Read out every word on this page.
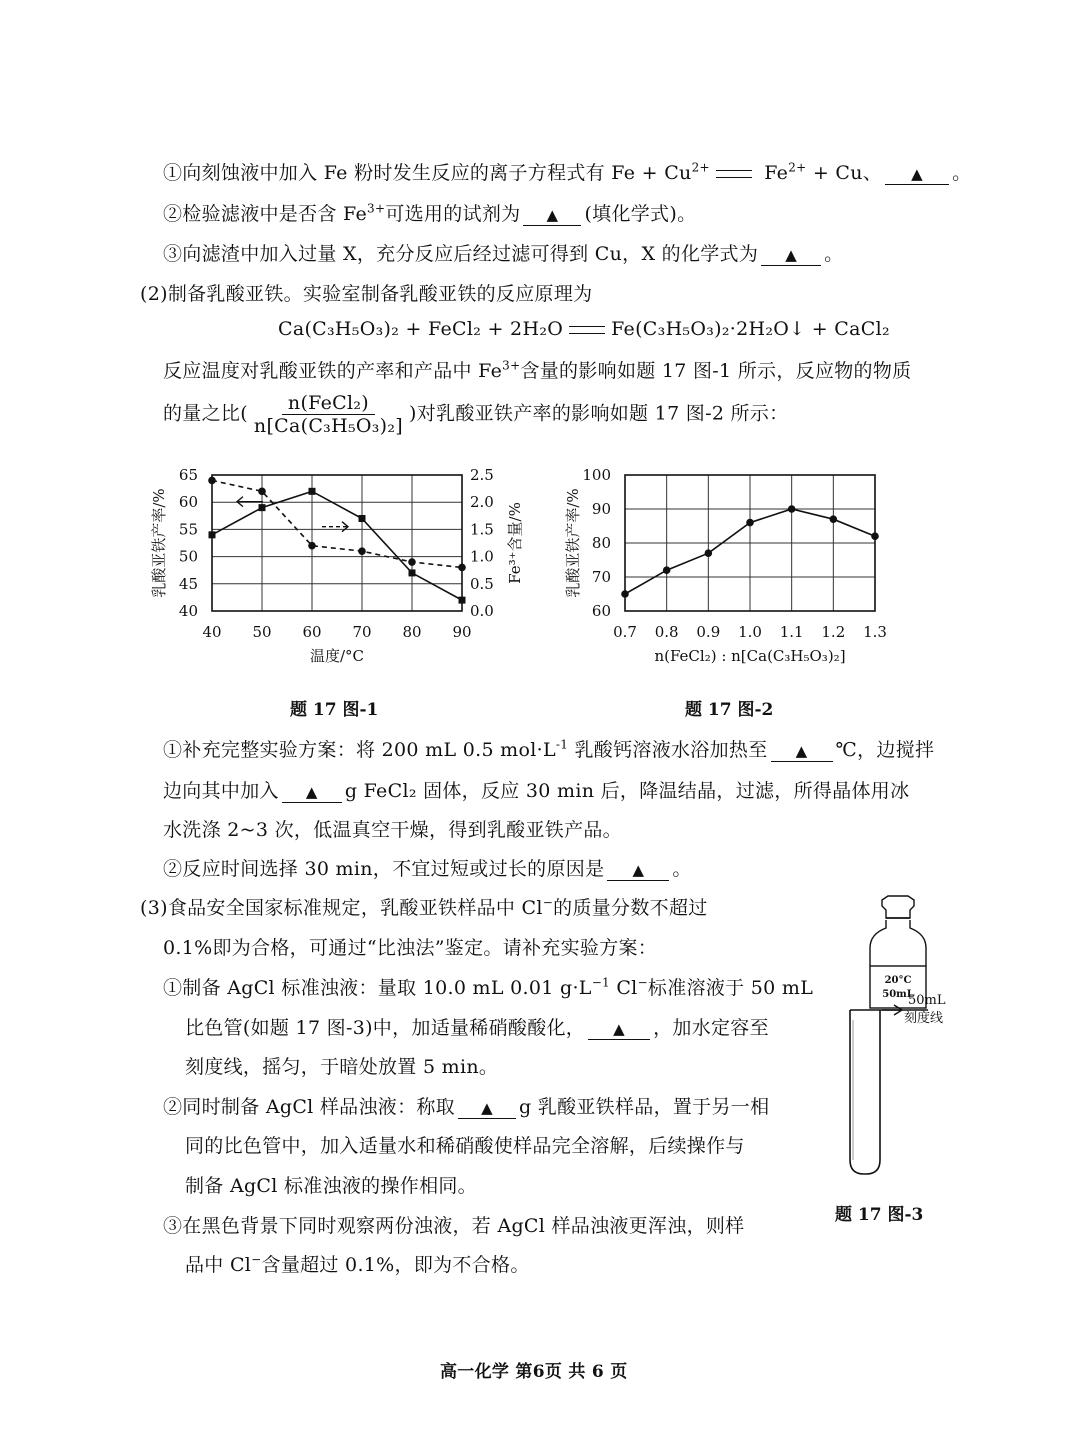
①向刻蚀液中加入 Fe 粉时发生反应的离子方程式有 $Fe + Cu^{2+}$	$Fe^{2+} + Cu$、 ▲ 。
②检验滤液中是否含 $Fe^{3+}$可选用的试剂为 ▲ (填化学式)。
③向滤渣中加入过量 X，充分反应后经过滤可得到 Cu，X 的化学式为 ▲ 。
(2)制备乳酸亚铁。实验室制备乳酸亚铁的反应原理为
Ca(C₃H₅O₃)₂ + FeCl₂ + 2H₂O	Fe(C₃H₅O₃)₂·2H₂O↓ + CaCl₂
反应温度对乳酸亚铁的产率和产品中 $Fe^{3+}$含量的影响如题 17 图-1 所示，反应物的物质
的量之比( $\frac{\text{n(FeCl₂)}}{\text{n[Ca(C₃H₅O₃)₂]}}$ )对乳酸亚铁产率的影响如题 17 图-2 所示：
40 50 60 70 80 90
40
45
50
55
60
65
0.0
0.5
1.0
1.5
2.0
2.5
温度/°C
乳酸亚铁产率/%	Fe³⁺含量/%
题 17 图-1
0.7 0.8 0.9 1.0 1.1 1.2 1.3
60
70
80
90
100
n(FeCl₂) : n[Ca(C₃H₅O₃)₂]
乳酸亚铁产率/%
题 17 图-2
①补充完整实验方案：将 200 mL 0.5 $mol\cdot L^{-1}$ 乳酸钙溶液水浴加热至 ▲ ℃，边搅拌
边向其中加入 ▲ g FeCl₂ 固体，反应 30 min 后，降温结晶，过滤，所得晶体用冰
水洗涤 2~3 次，低温真空干燥，得到乳酸亚铁产品。
②反应时间选择 30 min，不宜过短或过长的原因是 ▲ 。
(3)食品安全国家标准规定，乳酸亚铁样品中 Cl−的质量分数不超过
0.1%即为合格，可通过“比浊法”鉴定。请补充实验方案：
①制备 AgCl 标准浊液：量取 10.0 mL 0.01 $g\cdot L^{-1}$ Cl−标准溶液于 50 mL
比色管(如题 17 图-3)中，加适量稀硝酸酸化， ▲ ，加水定容至
刻度线，摇匀，于暗处放置 5 min。
②同时制备 AgCl 样品浊液：称取 ▲ g 乳酸亚铁样品，置于另一相
同的比色管中，加入适量水和稀硝酸使样品完全溶解，后续操作与
制备 AgCl 标准浊液的操作相同。
③在黑色背景下同时观察两份浊液，若 AgCl 样品浊液更浑浊，则样
品中 Cl−含量超过 0.1%，即为不合格。
20°C
50mL
50mL
刻度线
题 17 图-3
高一化学 第6页 共 6 页
